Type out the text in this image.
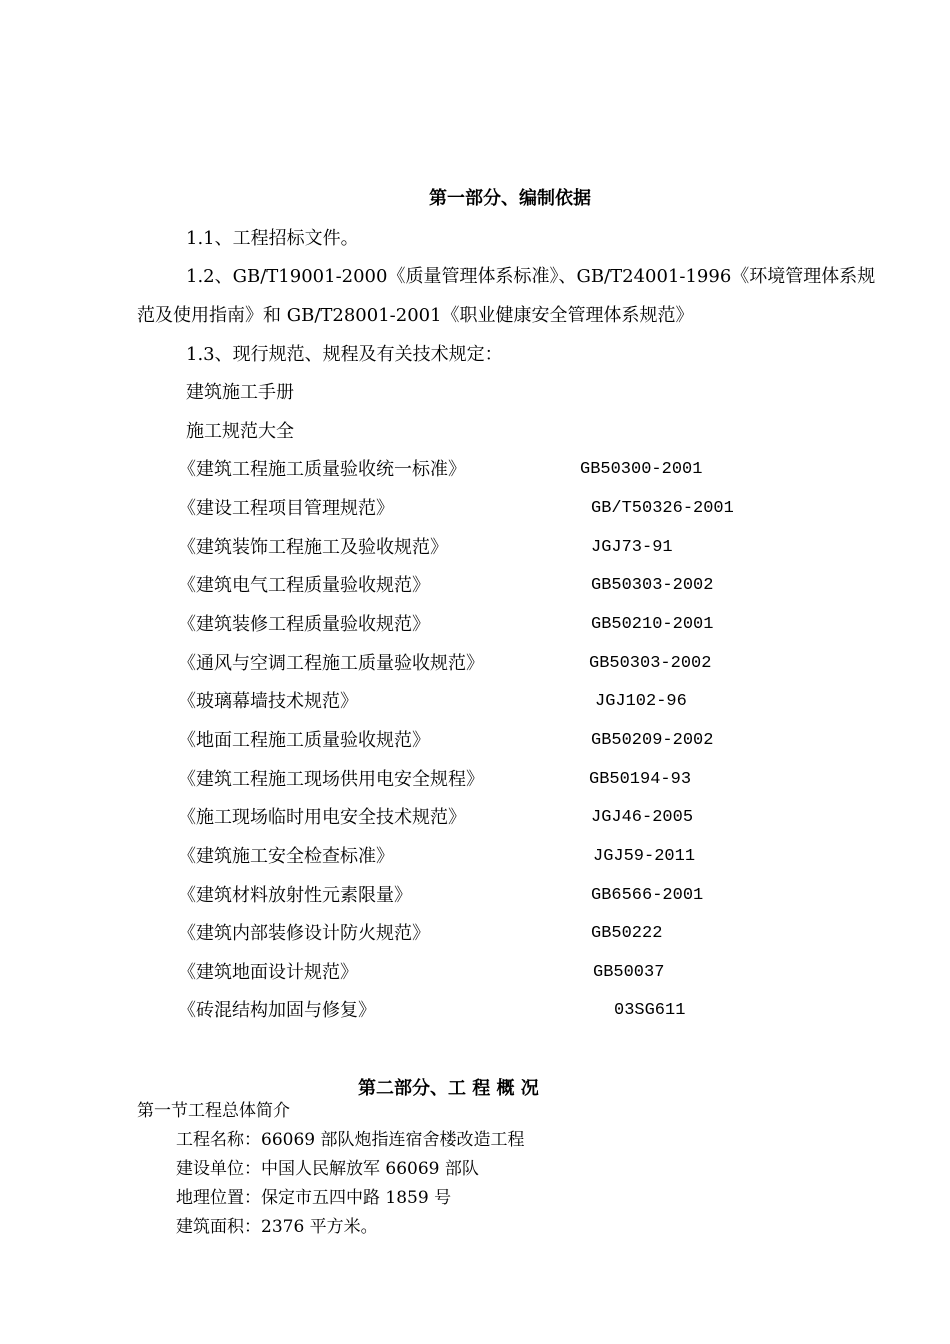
第一部分、编制依据
1.1、工程招标文件。
1.2、GB/T19001-2000《质量管理体系标准》、GB/T24001-1996《环境管理体系规
范及使用指南》和 GB/T28001-2001《职业健康安全管理体系规范》
1.3、现行规范、规程及有关技术规定：
建筑施工手册
施工规范大全
《建筑工程施工质量验收统一标准》	GB50300-2001
《建设工程项目管理规范》	GB/T50326-2001
《建筑装饰工程施工及验收规范》	JGJ73-91
《建筑电气工程质量验收规范》	GB50303-2002
《建筑装修工程质量验收规范》	GB50210-2001
《通风与空调工程施工质量验收规范》	GB50303-2002
《玻璃幕墙技术规范》	JGJ102-96
《地面工程施工质量验收规范》	GB50209-2002
《建筑工程施工现场供用电安全规程》	GB50194-93
《施工现场临时用电安全技术规范》	JGJ46-2005
《建筑施工安全检查标准》	JGJ59-2011
《建筑材料放射性元素限量》	GB6566-2001
《建筑内部装修设计防火规范》	GB50222
《建筑地面设计规范》	GB50037
《砖混结构加固与修复》	03SG611
第二部分、工 程 概 况
第一节工程总体简介
工程名称：66069 部队炮指连宿舍楼改造工程
建设单位：中国人民解放军 66069 部队
地理位置：保定市五四中路 1859 号
建筑面积：2376 平方米。
